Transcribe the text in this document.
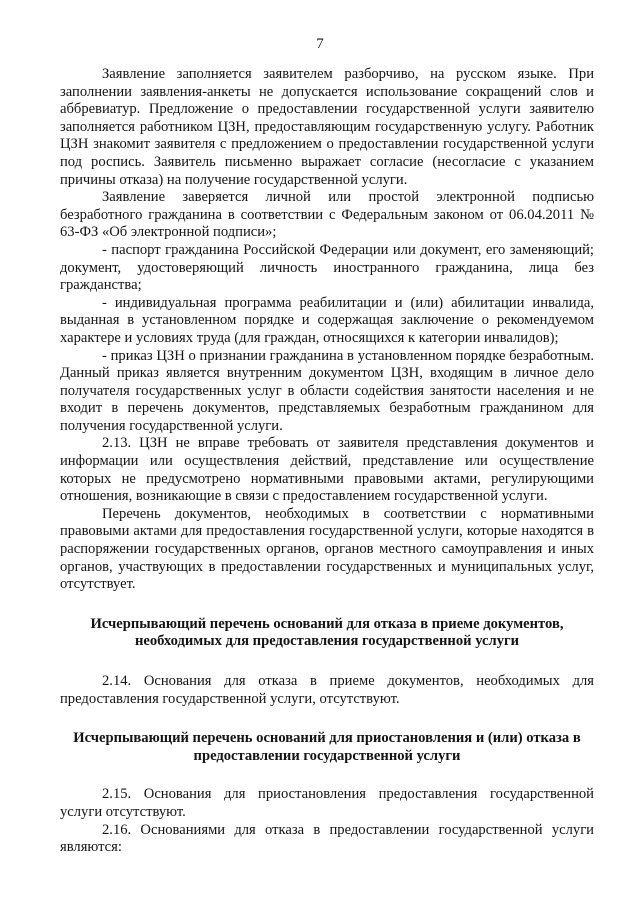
7

Заявление заполняется заявителем разборчиво, на русском языке. При заполнении заявления-анкеты не допускается использование сокращений слов и аббревиатур. Предложение о предоставлении государственной услуги заявителю заполняется работником ЦЗН, предоставляющим государственную услугу. Работник ЦЗН знакомит заявителя с предложением о предоставлении государственной услуги под роспись. Заявитель письменно выражает согласие (несогласие с указанием причины отказа) на получение государственной услуги.

Заявление заверяется личной или простой электронной подписью безработного гражданина в соответствии с Федеральным законом от 06.04.2011 № 63-ФЗ «Об электронной подписи»;

- паспорт гражданина Российской Федерации или документ, его заменяющий; документ, удостоверяющий личность иностранного гражданина, лица без гражданства;

- индивидуальная программа реабилитации и (или) абилитации инвалида, выданная в установленном порядке и содержащая заключение о рекомендуемом характере и условиях труда (для граждан, относящихся к категории инвалидов);

- приказ ЦЗН о признании гражданина в установленном порядке безработным. Данный приказ является внутренним документом ЦЗН, входящим в личное дело получателя государственных услуг в области содействия занятости населения и не входит в перечень документов, представляемых безработным гражданином для получения государственной услуги.

2.13. ЦЗН не вправе требовать от заявителя представления документов и информации или осуществления действий, представление или осуществление которых не предусмотрено нормативными правовыми актами, регулирующими отношения, возникающие в связи с предоставлением государственной услуги.

Перечень документов, необходимых в соответствии с нормативными правовыми актами для предоставления государственной услуги, которые находятся в распоряжении государственных органов, органов местного самоуправления и иных органов, участвующих в предоставлении государственных и муниципальных услуг, отсутствует.

Исчерпывающий перечень оснований для отказа в приеме документов, необходимых для предоставления государственной услуги

2.14. Основания для отказа в приеме документов, необходимых для предоставления государственной услуги, отсутствуют.

Исчерпывающий перечень оснований для приостановления и (или) отказа в предоставлении государственной услуги

2.15. Основания для приостановления предоставления государственной услуги отсутствуют.

2.16. Основаниями для отказа в предоставлении государственной услуги являются:
